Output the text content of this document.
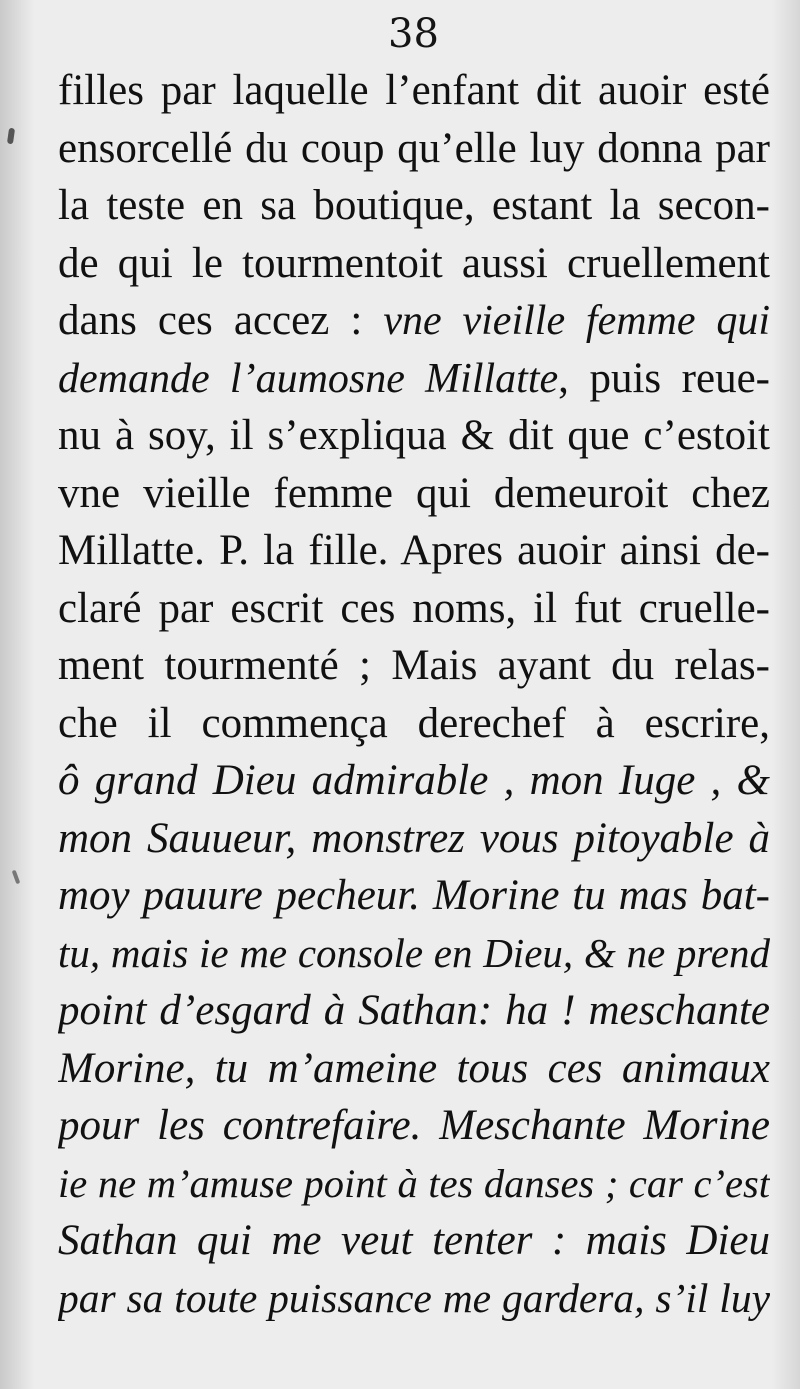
38
filles par laquelle l’enfant dit auoir esté
ensorcellé du coup qu’elle luy donna par
la teste en sa boutique, estant la secon-
de qui le tourmentoit aussi cruellement
dans ces accez : vne vieille femme qui
demande l’aumosne Millatte, puis reue-
nu à soy, il s’expliqua & dit que c’estoit
vne vieille femme qui demeuroit chez
Millatte. P. la fille. Apres auoir ainsi de-
claré par escrit ces noms, il fut cruelle-
ment tourmenté ; Mais ayant du relas-
che il commença derechef à escrire,
ô grand Dieu admirable , mon Iuge , &
mon Sauueur, monstrez vous pitoyable à
moy pauure pecheur. Morine tu mas bat-
tu, mais ie me console en Dieu, & ne prend
point d’esgard à Sathan: ha ! meschante
Morine, tu m’ameine tous ces animaux
pour les contrefaire. Meschante Morine
ie ne m’amuse point à tes danses ; car c’est
Sathan qui me veut tenter : mais Dieu
par sa toute puissance me gardera, s’il luy
